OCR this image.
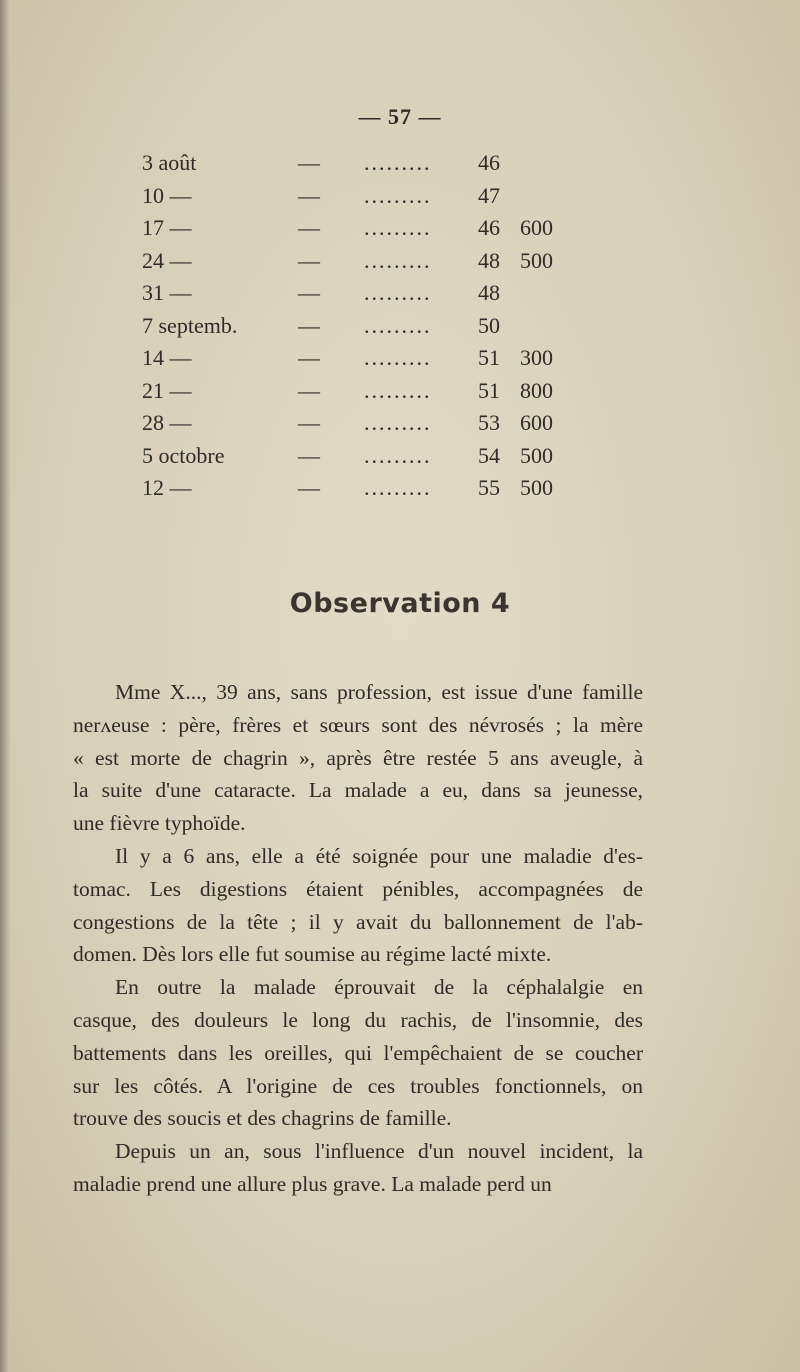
— 57 —
3 août	— ......... 46
10 —	— ......... 47
17 —	— ......... 46 600
24 —	— ......... 48 500
31 —	— ......... 48
7 septemb.	— ......... 50
14 —	— ......... 51 300
21 —	— ......... 51 800
28 —	— ......... 53 600
5 octobre	— ......... 54 500
12 —	— ......... 55 500
Observation 4
Mme X..., 39 ans, sans profession, est issue d'une famille
nerʌeuse : père, frères et sœurs sont des névrosés ; la mère
« est morte de chagrin », après être restée 5 ans aveugle, à
la suite d'une cataracte. La malade a eu, dans sa jeunesse,
une fièvre typhoïde.
Il y a 6 ans, elle a été soignée pour une maladie d'es-
tomac. Les digestions étaient pénibles, accompagnées de
congestions de la tête ; il y avait du ballonnement de l'ab-
domen. Dès lors elle fut soumise au régime lacté mixte.
En outre la malade éprouvait de la céphalalgie en
casque, des douleurs le long du rachis, de l'insomnie, des
battements dans les oreilles, qui l'empêchaient de se coucher
sur les côtés. A l'origine de ces troubles fonctionnels, on
trouve des soucis et des chagrins de famille.
Depuis un an, sous l'influence d'un nouvel incident, la
maladie prend une allure plus grave. La malade perd un
